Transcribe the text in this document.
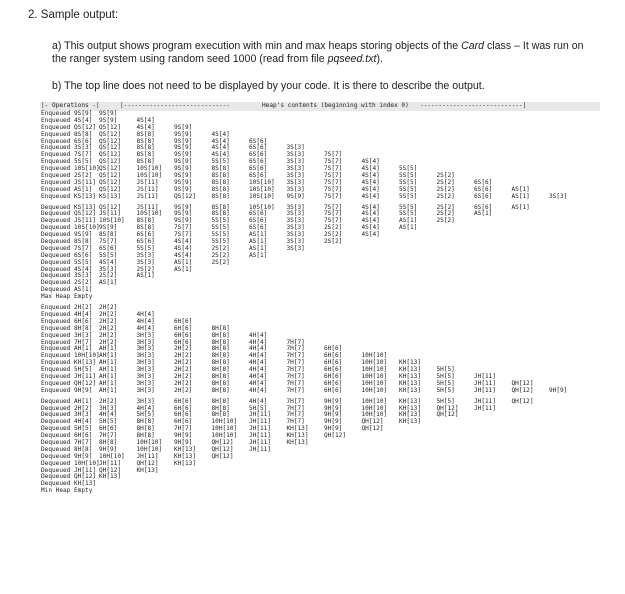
2. Sample output:
a) This output shows program execution with min and max heaps storing objects of the Card class – It was run on
the ranger system using random seed 1000 (read from file pqseed.txt).
b) The top line does not need to be displayed by your code. It is there to describe the output.
|- Operations -|	|-----------------------------	Heap's contents (beginning with index 0) ----------------------------|
Enqueued 9S[9] 9S[9]
Enqueued 4S[4] 9S[9]	4S[4]
Enqueued QS[12] QS[12]	4S[4]	9S[9]
Enqueued 8S[8] QS[12]	8S[8]	9S[9]	4S[4]
Enqueued 6S[6] QS[12]	8S[8]	9S[9]	4S[4]	6S[6]
Enqueued 3S[3] QS[12]	8S[8]	9S[9]	4S[4]	6S[6]	3S[3]
Enqueued 7S[7] QS[12]	8S[8]	9S[9]	4S[4]	6S[6]	3S[3]	7S[7]
Enqueued 5S[5] QS[12]	8S[8]	9S[9]	5S[5]	6S[6]	3S[3]	7S[7]	4S[4]
Enqueued 10S[10] QS[12]	10S[10] 9S[9]	8S[8]	6S[6]	3S[3]	7S[7]	4S[4]	5S[5]
Enqueued 2S[2] QS[12]	10S[10] 9S[9]	8S[8]	6S[6]	3S[3]	7S[7]	4S[4]	5S[5]	2S[2]
Enqueued JS[11] QS[12]	JS[11]	9S[9]	8S[8]	10S[10] 3S[3]	7S[7]	4S[4]	5S[5]	2S[2]	6S[6]
Enqueued AS[1] QS[12]	JS[11]	9S[9]	8S[8]	10S[10] 3S[3]	7S[7]	4S[4]	5S[5]	2S[2]	6S[6]	AS[1]
Enqueued KS[13] KS[13]	JS[11]	QS[12]	8S[8]	10S[10] 9S[9]	7S[7]	4S[4]	5S[5]	2S[2]	6S[6]	AS[1]	3S[3]
Dequeued KS[13] QS[12]	JS[11]	9S[9]	8S[8]	10S[10] 3S[3]	7S[7]	4S[4]	5S[5]	2S[2]	6S[6]	AS[1]
Dequeued QS[12] JS[11]	10S[10] 9S[9]	8S[8]	6S[6]	3S[3]	7S[7]	4S[4]	5S[5]	2S[2]	AS[1]
Dequeued JS[11] 10S[10] 8S[8]	9S[9]	5S[5]	6S[6]	3S[3]	7S[7]	4S[4]	AS[1]	2S[2]
Dequeued 10S[10] 9S[9]	8S[8]	7S[7]	5S[5]	6S[6]	3S[3]	2S[2]	4S[4]	AS[1]
Dequeued 9S[9] 8S[8]	6S[6]	7S[7]	5S[5]	AS[1]	3S[3]	2S[2]	4S[4]
Dequeued 8S[8] 7S[7]	6S[6]	4S[4]	5S[5]	AS[1]	3S[3]	2S[2]
Dequeued 7S[7] 6S[6]	5S[5]	4S[4]	2S[2]	AS[1]	3S[3]
Dequeued 6S[6] 5S[5]	3S[3]	4S[4]	2S[2]	AS[1]
Dequeued 5S[5] 4S[4]	3S[3]	AS[1]	2S[2]
Dequeued 4S[4] 3S[3]	2S[2]	AS[1]
Dequeued 3S[3] 2S[2]	AS[1]
Dequeued 2S[2] AS[1]
Dequeued AS[1]
Max Heap Empty
Enqueued 2H[2] 2H[2]
Enqueued 4H[4] 2H[2]	4H[4]
Enqueued 6H[6] 2H[2]	4H[4]	6H[6]
Enqueued 8H[8] 2H[2]	4H[4]	6H[6]	8H[8]
Enqueued 3H[3] 2H[2]	3H[3]	6H[6]	8H[8]	4H[4]
Enqueued 7H[7] 2H[2]	3H[3]	6H[6]	8H[8]	4H[4]	7H[7]
Enqueued AH[1] AH[1]	3H[3]	2H[2]	8H[8]	4H[4]	7H[7]	6H[6]
Enqueued 10H[10] AH[1]	3H[3]	2H[2]	8H[8]	4H[4]	7H[7]	6H[6]	10H[10]
Enqueued KH[13] AH[1]	3H[3]	2H[2]	8H[8]	4H[4]	7H[7]	6H[6]	10H[10] KH[13]
Enqueued 5H[5] AH[1]	3H[3]	2H[2]	8H[8]	4H[4]	7H[7]	6H[6]	10H[10] KH[13]	5H[5]
Enqueued JH[11] AH[1]	3H[3]	2H[2]	8H[8]	4H[4]	7H[7]	6H[6]	10H[10] KH[13]	5H[5]	JH[11]
Enqueued QH[12] AH[1]	3H[3]	2H[2]	8H[8]	4H[4]	7H[7]	6H[6]	10H[10] KH[13]	5H[5]	JH[11]	QH[12]
Enqueued 9H[9] AH[1]	3H[3]	2H[2]	8H[8]	4H[4]	7H[7]	6H[6]	10H[10] KH[13]	5H[5]	JH[11]	QH[12]	9H[9]
Dequeued AH[1] 2H[2]	3H[3]	6H[6]	8H[8]	4H[4]	7H[7]	9H[9]	10H[10] KH[13]	5H[5]	JH[11]	QH[12]
Dequeued 2H[2] 3H[3]	4H[4]	6H[6]	8H[8]	5H[5]	7H[7]	9H[9]	10H[10] KH[13]	QH[12]	JH[11]
Dequeued 3H[3] 4H[4]	5H[5]	6H[6]	8H[8]	JH[11]	7H[7]	9H[9]	10H[10] KH[13]	QH[12]
Dequeued 4H[4] 5H[5]	8H[8]	6H[6]	10H[10] JH[11]	7H[7]	9H[9]	QH[12]	KH[13]
Dequeued 5H[5] 6H[6]	8H[8]	7H[7]	10H[10] JH[11]	KH[13]	9H[9]	QH[12]
Dequeued 6H[6] 7H[7]	8H[8]	9H[9]	10H[10] JH[11]	KH[13]	QH[12]
Dequeued 7H[7] 8H[8]	10H[10] 9H[9]	QH[12]	JH[11]	KH[13]
Dequeued 8H[8] 9H[9]	10H[10] KH[13]	QH[12]	JH[11]
Dequeued 9H[9] 10H[10] JH[11]	KH[13]	QH[12]
Dequeued 10H[10] JH[11]	QH[12]	KH[13]
Dequeued JH[11] QH[12]	KH[13]
Dequeued QH[12] KH[13]
Dequeued KH[13]
Min Heap Empty
